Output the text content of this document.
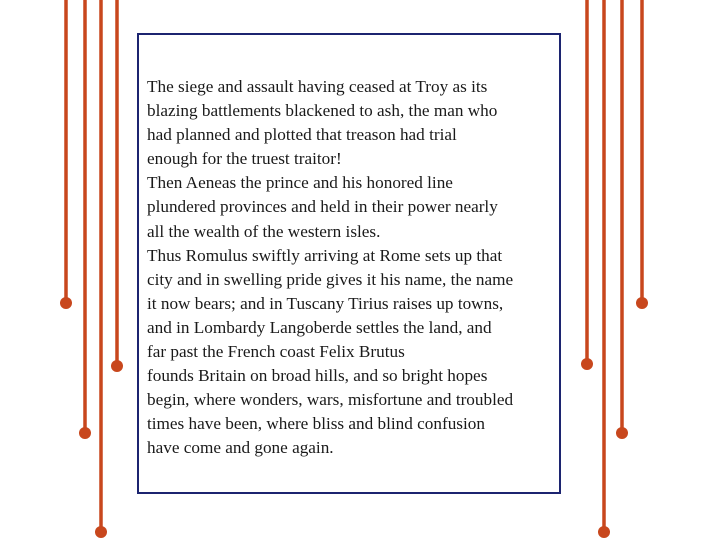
The siege and assault having ceased at Troy as its
blazing battlements blackened to ash, the man who
had planned and plotted that treason had trial
enough for the truest traitor!
Then Aeneas the prince and his honored line
plundered provinces and held in their power nearly
all the wealth of the western isles.
Thus Romulus swiftly arriving at Rome sets up that
city and in swelling pride gives it his name, the name
it now bears; and in Tuscany Tirius raises up towns,
and in Lombardy Langoberde settles the land, and
far past the French coast Felix Brutus
founds Britain on broad hills, and so bright hopes
begin, where wonders, wars, misfortune and troubled
times have been, where bliss and blind confusion
have come and gone again.
